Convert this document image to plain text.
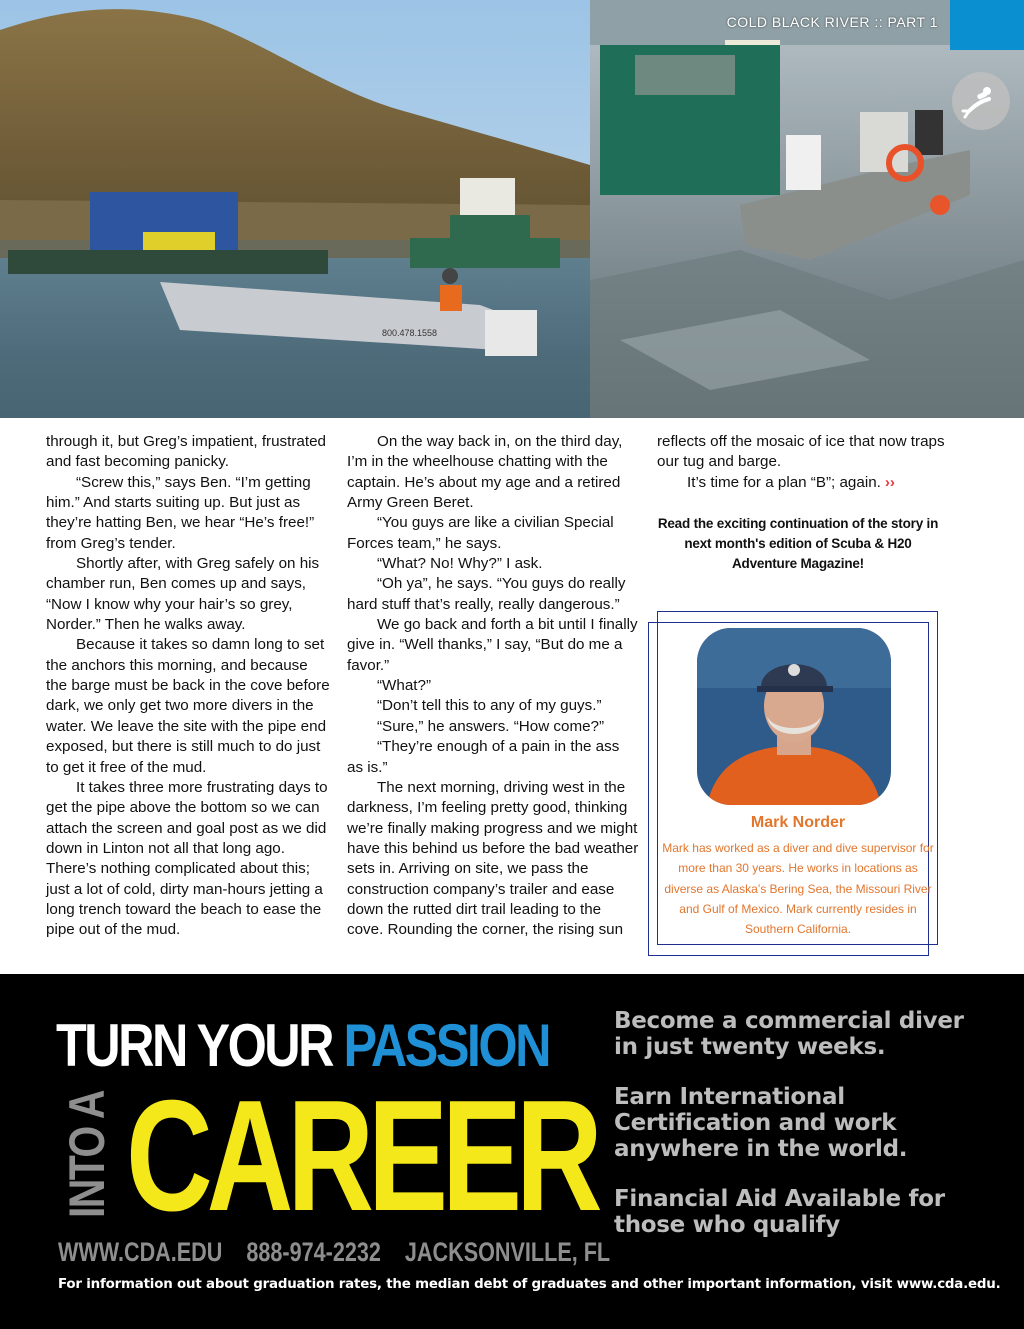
800.478.1558
COLD BLACK RIVER :: PART 1

through it, but Greg’s impatient, frustrated and fast becoming panicky.

“Screw this,” says Ben. “I’m getting him.” And starts suiting up. But just as they’re hatting Ben, we hear “He’s free!” from Greg’s tender.

Shortly after, with Greg safely on his chamber run, Ben comes up and says, “Now I know why your hair’s so grey, Norder.” Then he walks away.

Because it takes so damn long to set the anchors this morning, and because the barge must be back in the cove before dark, we only get two more divers in the water. We leave the site with the pipe end exposed, but there is still much to do just to get it free of the mud.

It takes three more frustrating days to get the pipe above the bottom so we can attach the screen and goal post as we did down in Linton not all that long ago. There’s nothing complicated about this; just a lot of cold, dirty man-hours jetting a long trench toward the beach to ease the pipe out of the mud.

On the way back in, on the third day, I’m in the wheelhouse chatting with the captain. He’s about my age and a retired Army Green Beret.

“You guys are like a civilian Special Forces team,” he says.

“What? No! Why?” I ask.

“Oh ya”, he says. “You guys do really hard stuff that’s really, really dangerous.”

We go back and forth a bit until I finally give in. “Well thanks,” I say, “But do me a favor.”

“What?”

“Don’t tell this to any of my guys.”

“Sure,” he answers. “How come?”

“They’re enough of a pain in the ass as is.”

The next morning, driving west in the darkness, I’m feeling pretty good, thinking we’re finally making progress and we might have this behind us before the bad weather sets in. Arriving on site, we pass the construction company’s trailer and ease down the rutted dirt trail leading to the cove. Rounding the corner, the rising sun

reflects off the mosaic of ice that now traps our tug and barge.

It’s time for a plan “B”; again. ››

Read the exciting continuation of the story in next month's edition of Scuba & H20 Adventure Magazine!
Mark Norder
Mark has worked as a diver and dive supervisor for more than 30 years. He works in locations as diverse as Alaska’s Bering Sea, the Missouri River and Gulf of Mexico. Mark currently resides in Southern California.
TURN YOUR PASSION
INTO A CAREER
WWW.CDA.EDU 888-974-2232 JACKSONVILLE, FL

Become a commercial diver in just twenty weeks.

Earn International Certification and work anywhere in the world.

Financial Aid Available for those who qualify

For information out about graduation rates, the median debt of graduates and other important information, visit www.cda.edu.
